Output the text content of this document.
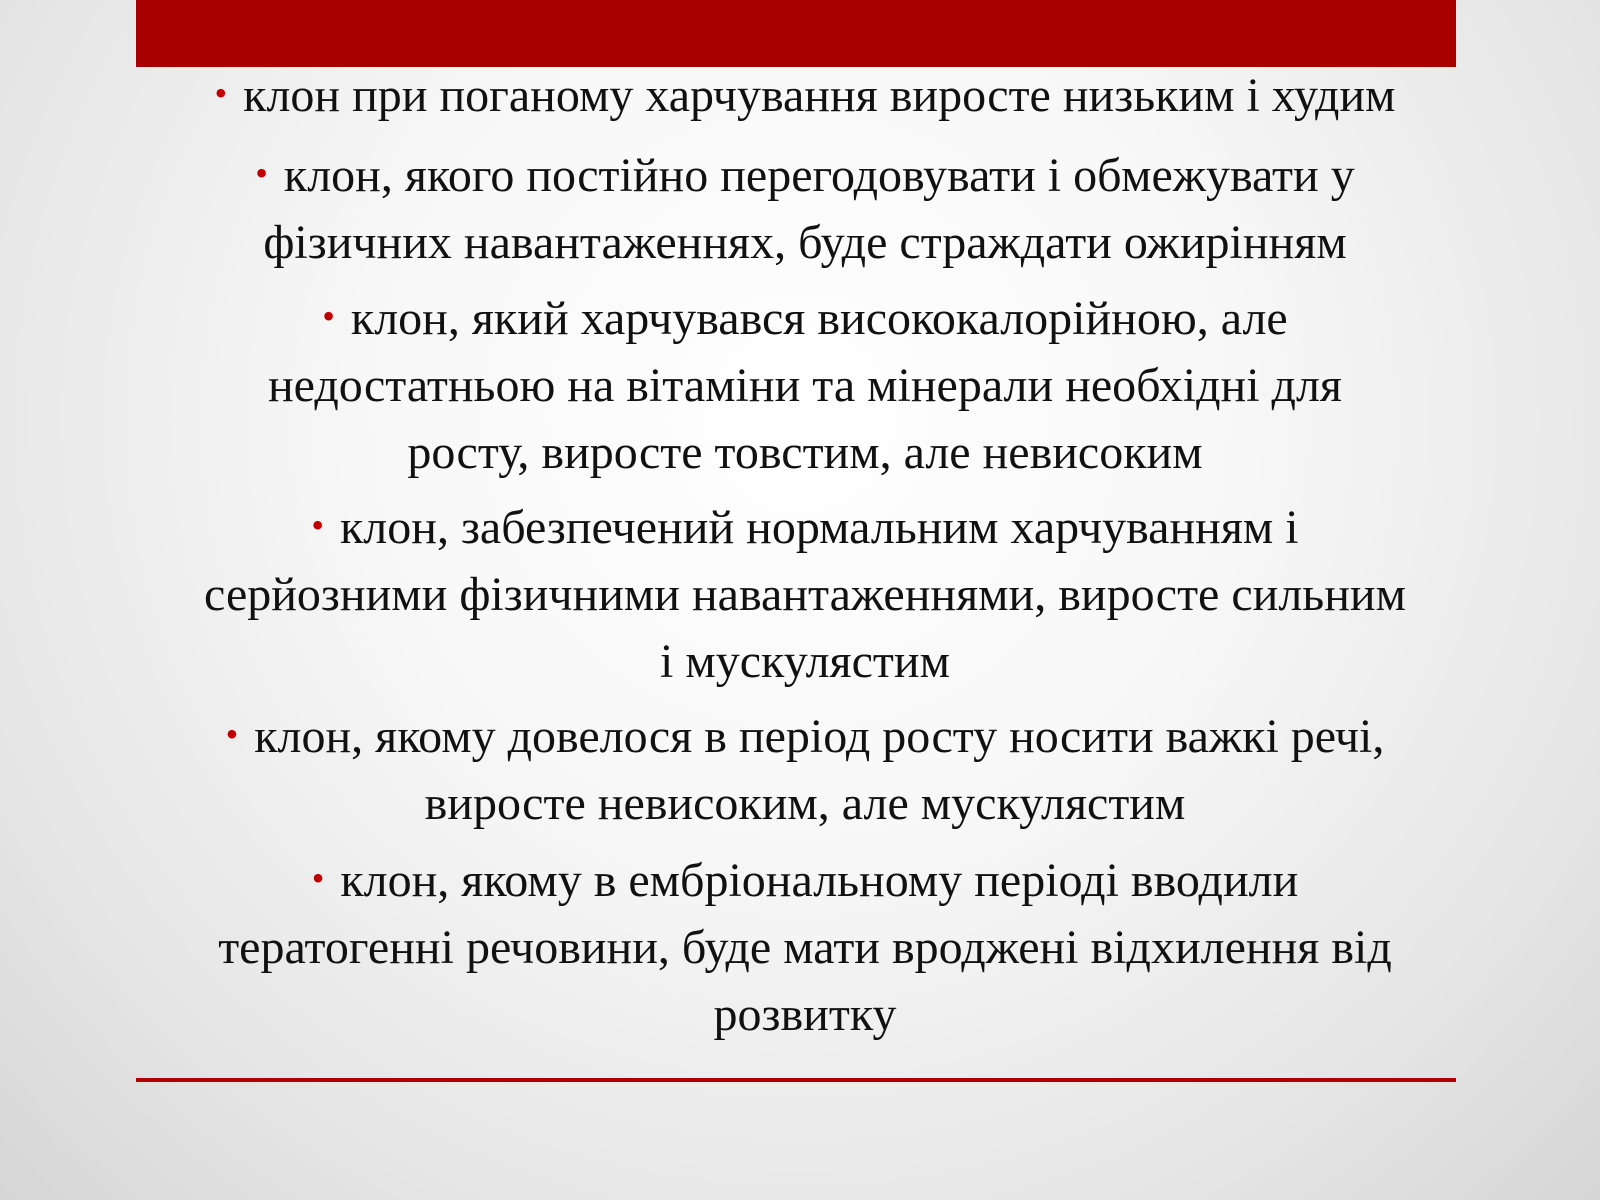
• клон при поганому харчування виросте низьким і худим

• клон, якого постійно перегодовувати і обмежувати у
фізичних навантаженнях, буде страждати ожирінням

• клон, який харчувався висококалорійною, але
недостатньою на вітаміни та мінерали необхідні для
росту, виросте товстим, але невисоким

• клон, забезпечений нормальним харчуванням і
серйозними фізичними навантаженнями, виросте сильним
і мускулястим

• клон, якому довелося в період росту носити важкі речі,
виросте невисоким, але мускулястим

• клон, якому в ембріональному періоді вводили
тератогенні речовини, буде мати вроджені відхилення від
розвитку
